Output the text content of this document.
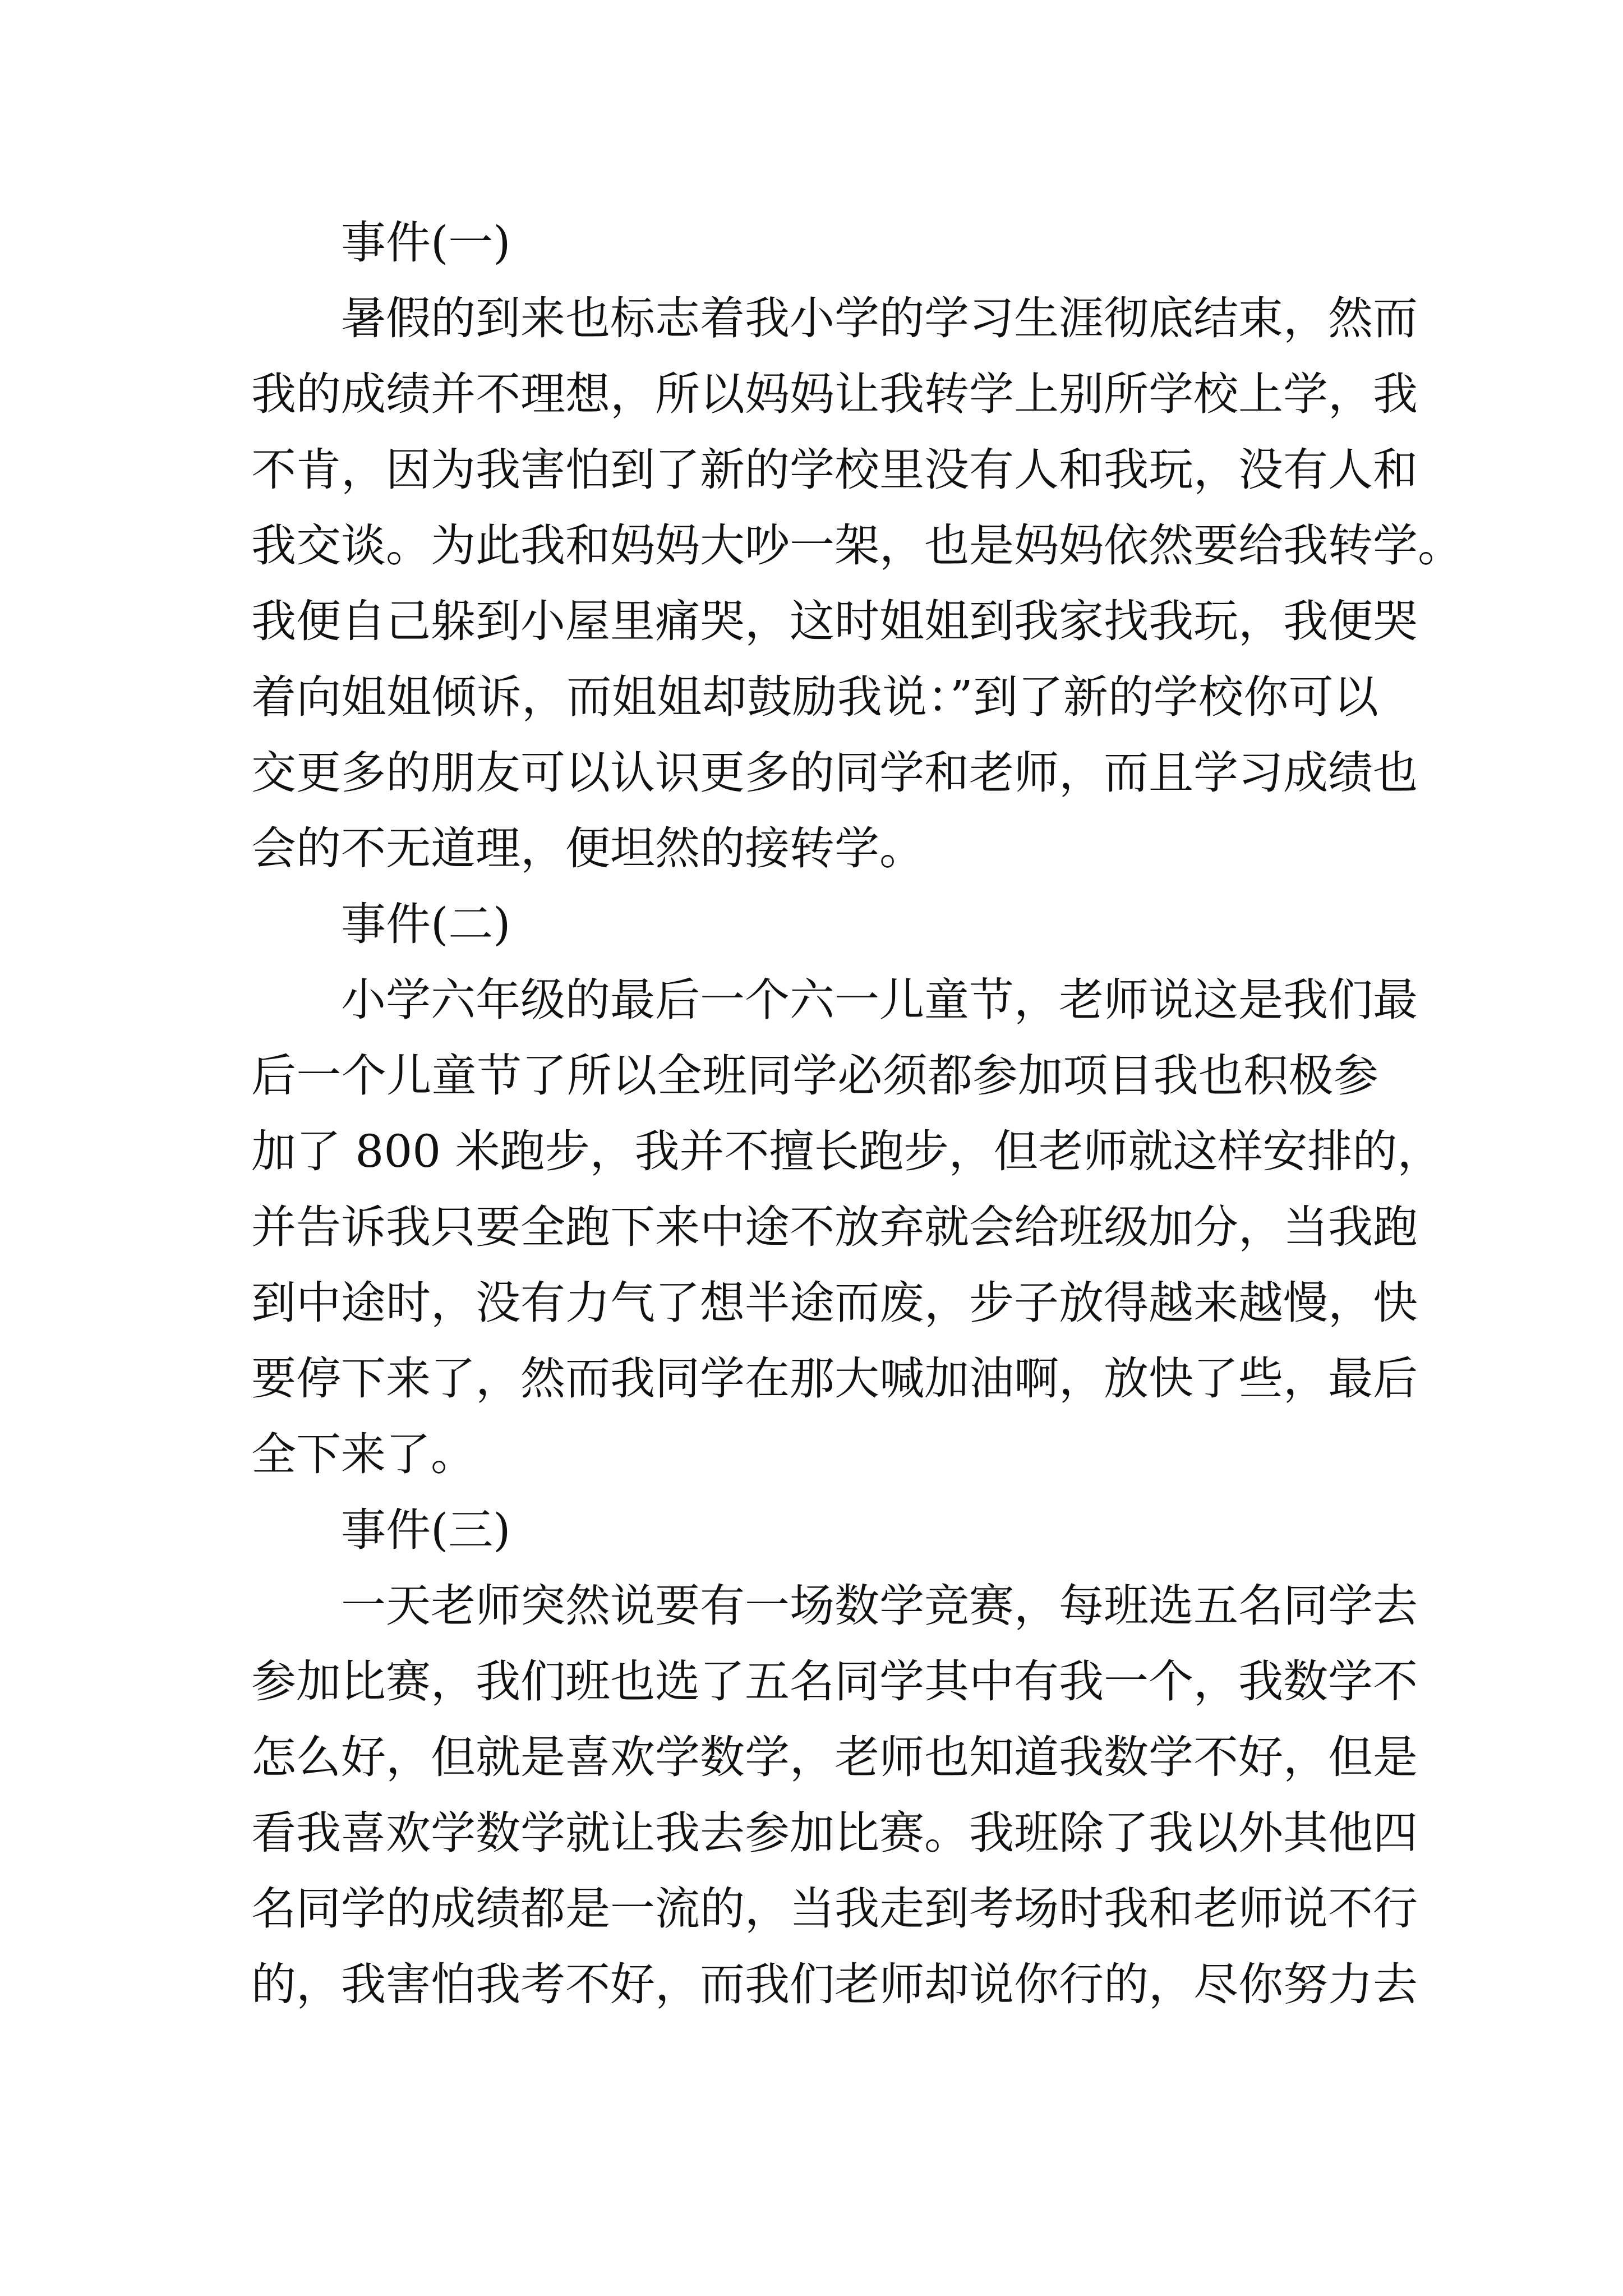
事件(一)
暑假的到来也标志着我小学的学习生涯彻底结束，然而
我的成绩并不理想，所以妈妈让我转学上别所学校上学，我
不肯，因为我害怕到了新的学校里没有人和我玩，没有人和
我交谈。为此我和妈妈大吵一架，也是妈妈依然要给我转学。
我便自己躲到小屋里痛哭，这时姐姐到我家找我玩，我便哭
着向姐姐倾诉，而姐姐却鼓励我说：”到了新的学校你可以
交更多的朋友可以认识更多的同学和老师，而且学习成绩也
会的不无道理，便坦然的接转学。
事件(二)
小学六年级的最后一个六一儿童节，老师说这是我们最
后一个儿童节了所以全班同学必须都参加项目我也积极参
加了 800 米跑步，我并不擅长跑步，但老师就这样安排的，
并告诉我只要全跑下来中途不放弃就会给班级加分，当我跑
到中途时，没有力气了想半途而废，步子放得越来越慢，快
要停下来了，然而我同学在那大喊加油啊，放快了些，最后
全下来了。
事件(三)
一天老师突然说要有一场数学竞赛，每班选五名同学去
参加比赛，我们班也选了五名同学其中有我一个，我数学不
怎么好，但就是喜欢学数学，老师也知道我数学不好，但是
看我喜欢学数学就让我去参加比赛。我班除了我以外其他四
名同学的成绩都是一流的，当我走到考场时我和老师说不行
的，我害怕我考不好，而我们老师却说你行的，尽你努力去
